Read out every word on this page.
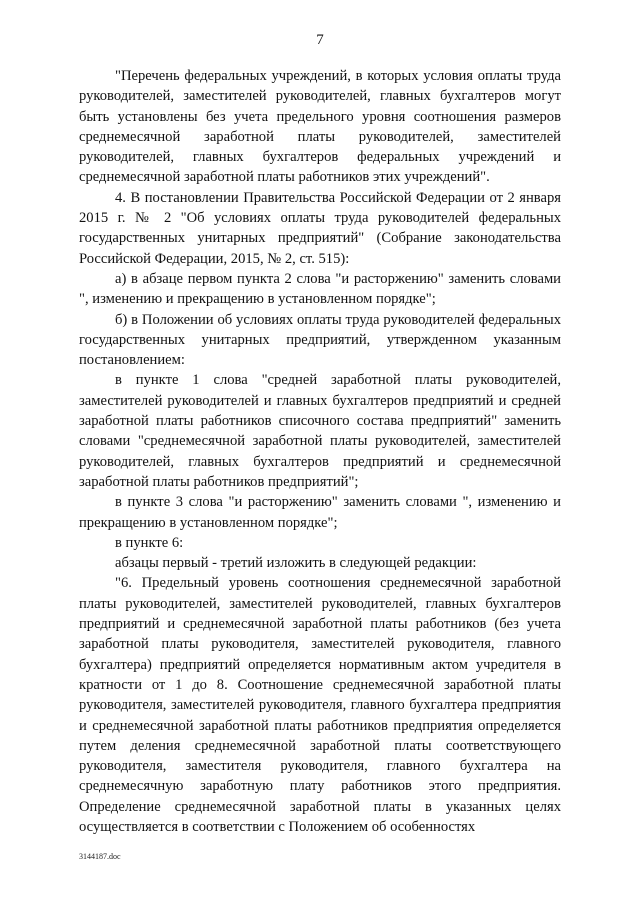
7

"Перечень федеральных учреждений, в которых условия оплаты труда руководителей, заместителей руководителей, главных бухгалтеров могут быть установлены без учета предельного уровня соотношения размеров среднемесячной заработной платы руководителей, заместителей руководителей, главных бухгалтеров федеральных учреждений и среднемесячной заработной платы работников этих учреждений".

4. В постановлении Правительства Российской Федерации от 2 января 2015 г. № 2 "Об условиях оплаты труда руководителей федеральных государственных унитарных предприятий" (Собрание законодательства Российской Федерации, 2015, № 2, ст. 515):

а) в абзаце первом пункта 2 слова "и расторжению" заменить словами ", изменению и прекращению в установленном порядке";

б) в Положении об условиях оплаты труда руководителей федеральных государственных унитарных предприятий, утвержденном указанным постановлением:

в пункте 1 слова "средней заработной платы руководителей, заместителей руководителей и главных бухгалтеров предприятий и средней заработной платы работников списочного состава предприятий" заменить словами "среднемесячной заработной платы руководителей, заместителей руководителей, главных бухгалтеров предприятий и среднемесячной заработной платы работников предприятий";

в пункте 3 слова "и расторжению" заменить словами ", изменению и прекращению в установленном порядке";

в пункте 6:

абзацы первый - третий изложить в следующей редакции:

"6. Предельный уровень соотношения среднемесячной заработной платы руководителей, заместителей руководителей, главных бухгалтеров предприятий и среднемесячной заработной платы работников (без учета заработной платы руководителя, заместителей руководителя, главного бухгалтера) предприятий определяется нормативным актом учредителя в кратности от 1 до 8. Соотношение среднемесячной заработной платы руководителя, заместителей руководителя, главного бухгалтера предприятия и среднемесячной заработной платы работников предприятия определяется путем деления среднемесячной заработной платы соответствующего руководителя, заместителя руководителя, главного бухгалтера на среднемесячную заработную плату работников этого предприятия. Определение среднемесячной заработной платы в указанных целях осуществляется в соответствии с Положением об особенностях

3144187.doc
